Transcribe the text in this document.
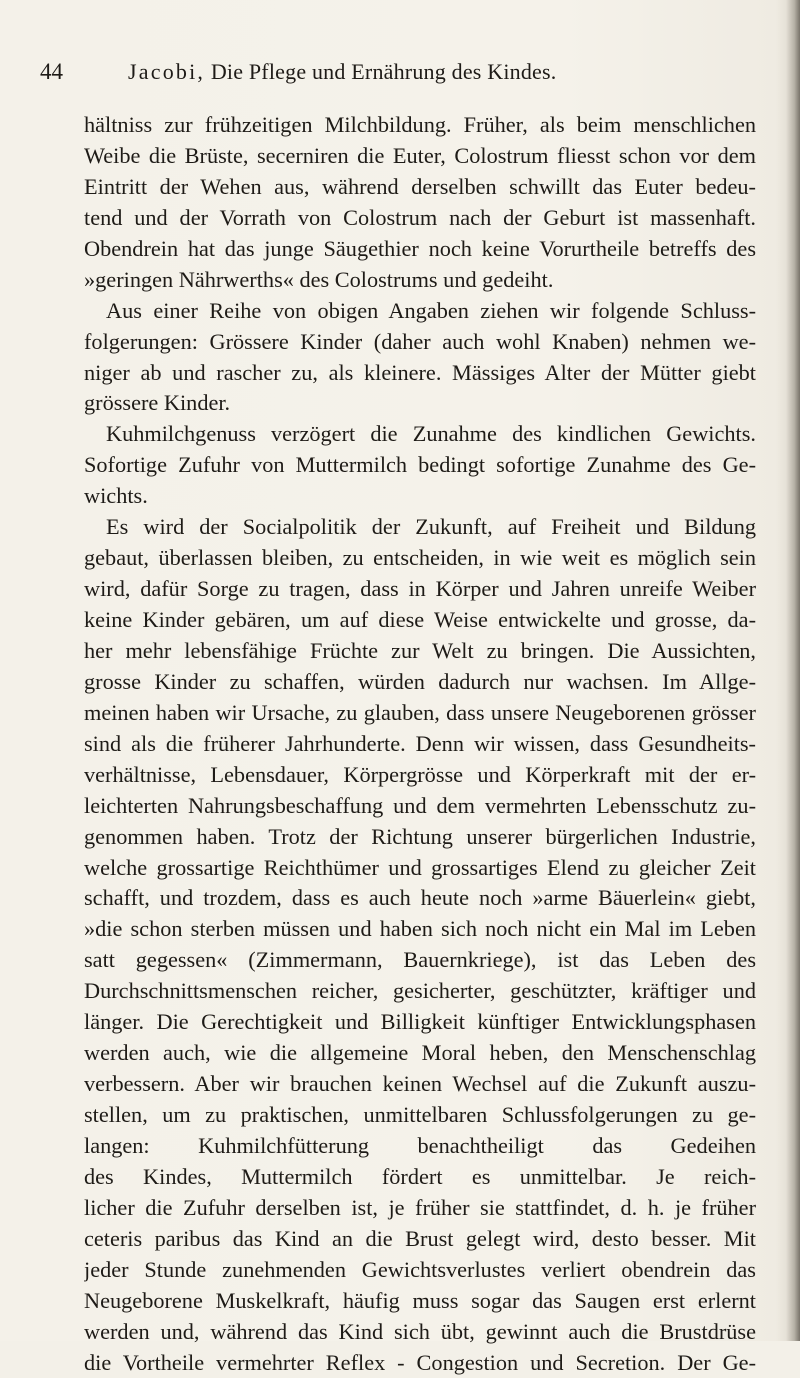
44	Jacobi, Die Pflege und Ernährung des Kindes.
hältniss zur frühzeitigen Milchbildung. Früher, als beim menschlichen
Weibe die Brüste, secerniren die Euter, Colostrum fliesst schon vor dem
Eintritt der Wehen aus, während derselben schwillt das Euter bedeu-
tend und der Vorrath von Colostrum nach der Geburt ist massenhaft.
Obendrein hat das junge Säugethier noch keine Vorurtheile betreffs des
»geringen Nährwerths« des Colostrums und gedeiht.
Aus einer Reihe von obigen Angaben ziehen wir folgende Schluss-
folgerungen: Grössere Kinder (daher auch wohl Knaben) nehmen we-
niger ab und rascher zu, als kleinere. Mässiges Alter der Mütter giebt
grössere Kinder.
Kuhmilchgenuss verzögert die Zunahme des kindlichen Gewichts.
Sofortige Zufuhr von Muttermilch bedingt sofortige Zunahme des Ge-
wichts.
Es wird der Socialpolitik der Zukunft, auf Freiheit und Bildung
gebaut, überlassen bleiben, zu entscheiden, in wie weit es möglich sein
wird, dafür Sorge zu tragen, dass in Körper und Jahren unreife Weiber
keine Kinder gebären, um auf diese Weise entwickelte und grosse, da-
her mehr lebensfähige Früchte zur Welt zu bringen. Die Aussichten,
grosse Kinder zu schaffen, würden dadurch nur wachsen. Im Allge-
meinen haben wir Ursache, zu glauben, dass unsere Neugeborenen grösser
sind als die früherer Jahrhunderte. Denn wir wissen, dass Gesundheits-
verhältnisse, Lebensdauer, Körpergrösse und Körperkraft mit der er-
leichterten Nahrungsbeschaffung und dem vermehrten Lebensschutz zu-
genommen haben. Trotz der Richtung unserer bürgerlichen Industrie,
welche grossartige Reichthümer und grossartiges Elend zu gleicher Zeit
schafft, und trozdem, dass es auch heute noch »arme Bäuerlein« giebt,
»die schon sterben müssen und haben sich noch nicht ein Mal im Leben
satt gegessen« (Zimmermann, Bauernkriege), ist das Leben des
Durchschnittsmenschen reicher, gesicherter, geschützter, kräftiger und
länger. Die Gerechtigkeit und Billigkeit künftiger Entwicklungsphasen
werden auch, wie die allgemeine Moral heben, den Menschenschlag
verbessern. Aber wir brauchen keinen Wechsel auf die Zukunft auszu-
stellen, um zu praktischen, unmittelbaren Schlussfolgerungen zu ge-
langen: Kuhmilchfütterung benachtheiligt das Gedeihen
des Kindes, Muttermilch fördert es unmittelbar. Je reich-
licher die Zufuhr derselben ist, je früher sie stattfindet, d. h. je früher
ceteris paribus das Kind an die Brust gelegt wird, desto besser. Mit
jeder Stunde zunehmenden Gewichtsverlustes verliert obendrein das
Neugeborene Muskelkraft, häufig muss sogar das Saugen erst erlernt
werden und, während das Kind sich übt, gewinnt auch die Brustdrüse
die Vortheile vermehrter Reflex - Congestion und Secretion. Der Ge-
